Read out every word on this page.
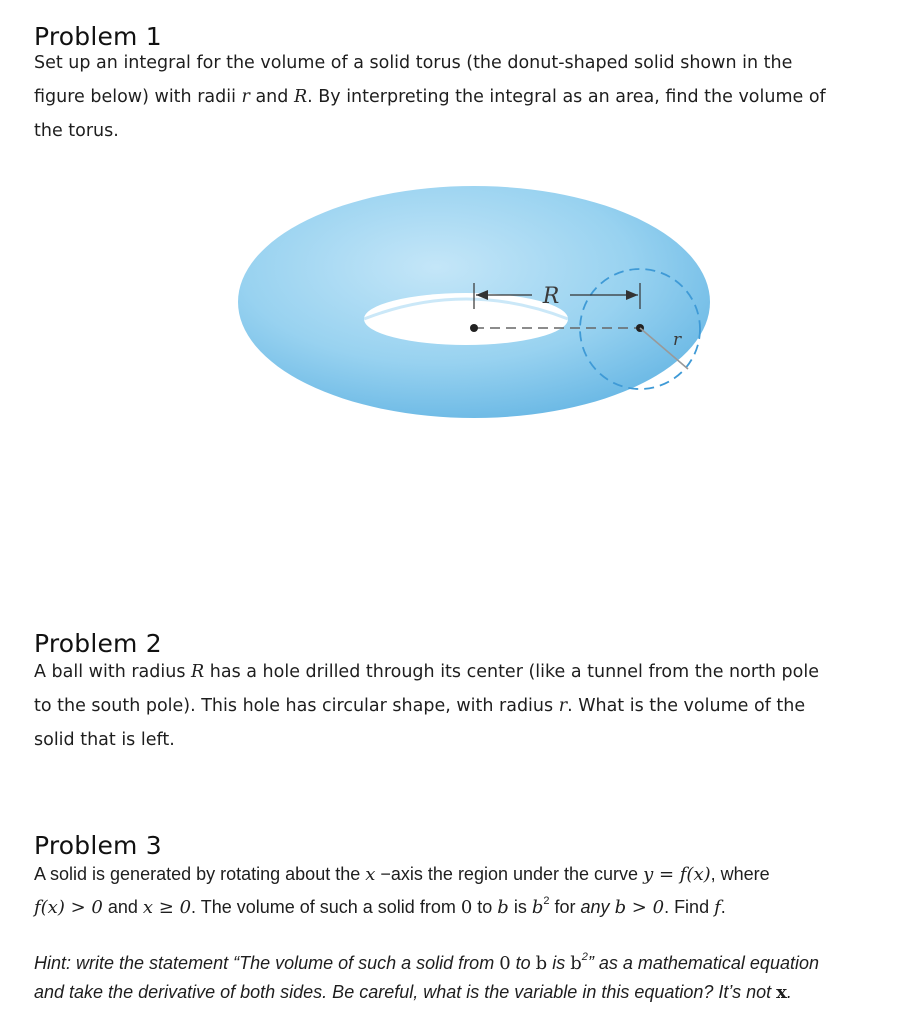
Problem 1
Set up an integral for the volume of a solid torus (the donut-shaped solid shown in the
figure below) with radii r and R. By interpreting the integral as an area, find the volume of
the torus.
R
r
Problem 2
A ball with radius R has a hole drilled through its center (like a tunnel from the north pole
to the south pole). This hole has circular shape, with radius r. What is the volume of the
solid that is left.
Problem 3
A solid is generated by rotating about the x −axis the region under the curve y = f(x), where
f(x) > 0 and x ≥ 0. The volume of such a solid from 0 to b is $b^2$ for any b > 0. Find f.
Hint: write the statement “The volume of such a solid from 0 to b is $b^2$” as a mathematical equation
and take the derivative of both sides. Be careful, what is the variable in this equation? It’s not x.
